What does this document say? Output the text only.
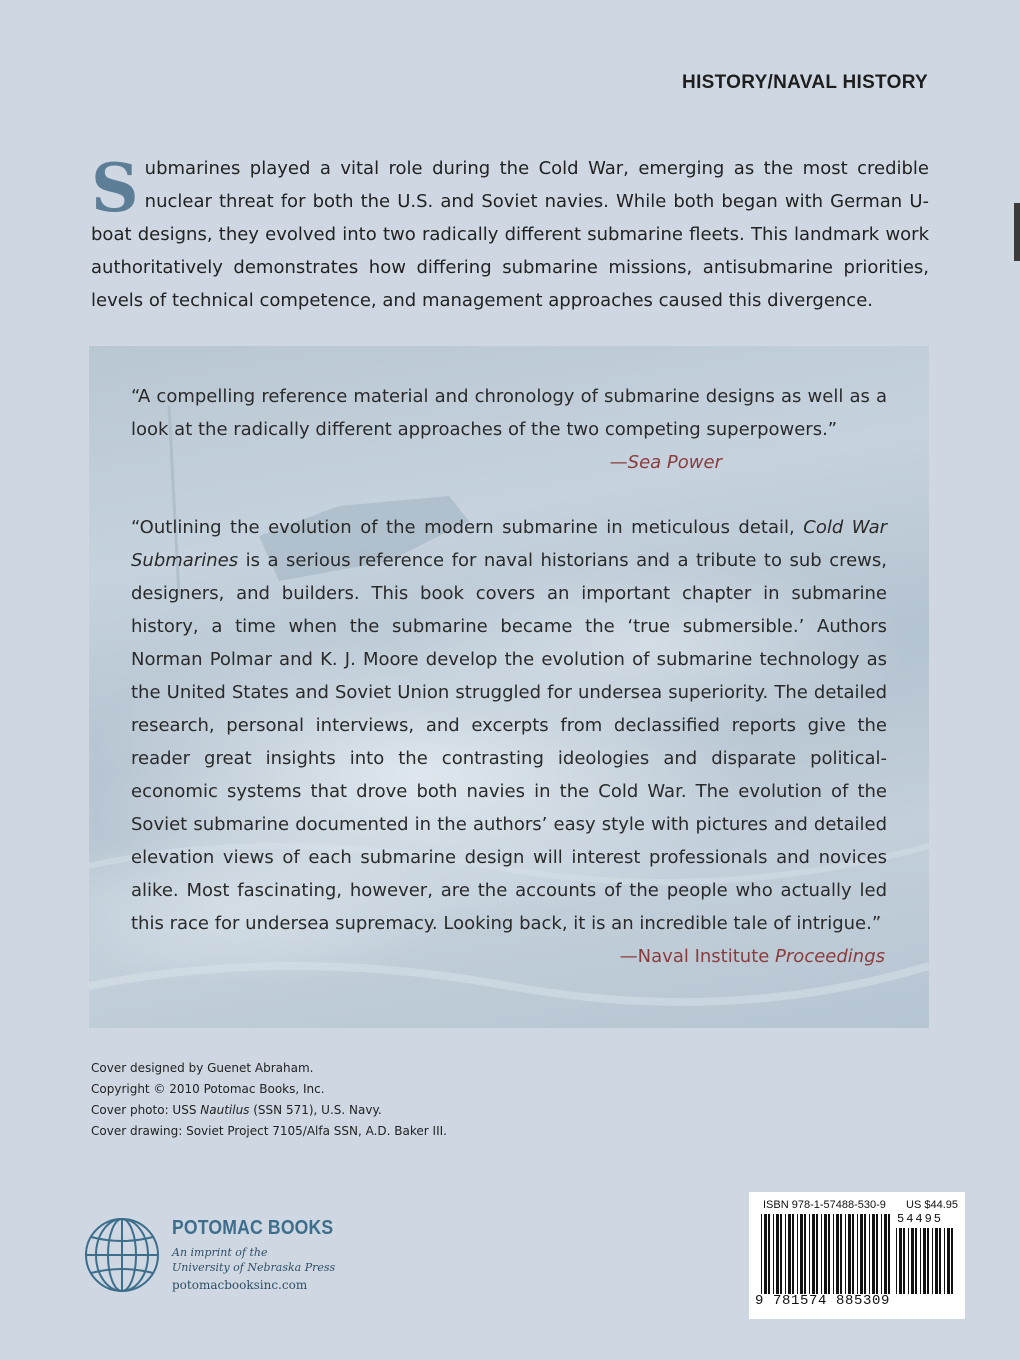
HISTORY/NAVAL HISTORY
Submarines played a vital role during the Cold War, emerging as the most credible nuclear threat for both the U.S. and Soviet navies. While both began with German U-boat designs, they evolved into two radically different submarine fleets. This landmark work authoritatively demonstrates how differing submarine missions, antisubmarine priorities, levels of technical competence, and management approaches caused this divergence.

“A compelling reference material and chronology of submarine designs as well as a look at the radically different approaches of the two competing superpowers.”

—Sea Power

“Outlining the evolution of the modern submarine in meticulous detail, Cold War Submarines is a serious reference for naval historians and a tribute to sub crews, designers, and builders. This book covers an important chapter in submarine history, a time when the submarine became the ‘true submersible.’ Authors Norman Polmar and K. J. Moore develop the evolution of submarine technology as the United States and Soviet Union struggled for undersea superiority. The detailed research, personal interviews, and excerpts from declassified reports give the reader great insights into the contrasting ideologies and disparate political-economic systems that drove both navies in the Cold War. The evolution of the Soviet submarine documented in the authors’ easy style with pictures and detailed elevation views of each submarine design will interest professionals and novices alike. Most fascinating, however, are the accounts of the people who actually led this race for undersea supremacy. Looking back, it is an incredible tale of intrigue.”

—Naval Institute Proceedings
Cover designed by Guenet Abraham.
Copyright © 2010 Potomac Books, Inc.
Cover photo: USS Nautilus (SSN 571), U.S. Navy.
Cover drawing: Soviet Project 7105/Alfa SSN, A.D. Baker III.
POTOMAC BOOKS
An imprint of the
University of Nebraska Press
potomacbooksinc.com
ISBN 978-1-57488-530-9 US $44.95
54495
9 781574 885309
